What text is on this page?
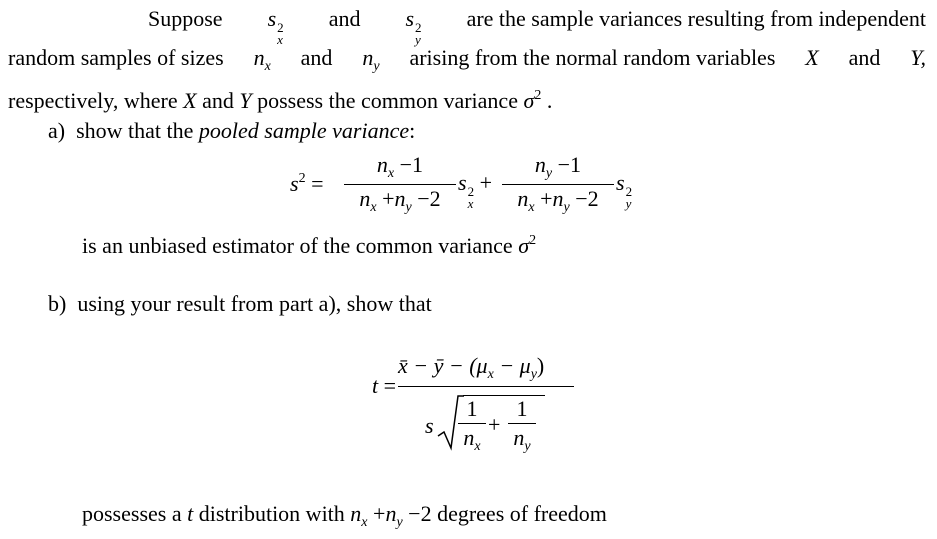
Suppose s 2
x
and s 2
y
are the sample variances resulting from independent
random samples of sizes $n_x$ and $n_y$ arising from the normal random variables X and Y,
respectively, where X and Y possess the common variance $\sigma^2$ .
a) show that the pooled sample variance:
$s^2$ =
$n_x -1$
$n_x +n_y -2$
s 2
x
+
$n_y -1$
$n_x +n_y -2$
s 2
y
is an unbiased estimator of the common variance $\sigma^2$
b) using your result from part a), show that
t =
x̄ − ȳ − $(\mu_x - \mu_y)$
s
1
$n_x$
+
1
$n_y$
possesses a t distribution with $n_x +n_y -2$ degrees of freedom
